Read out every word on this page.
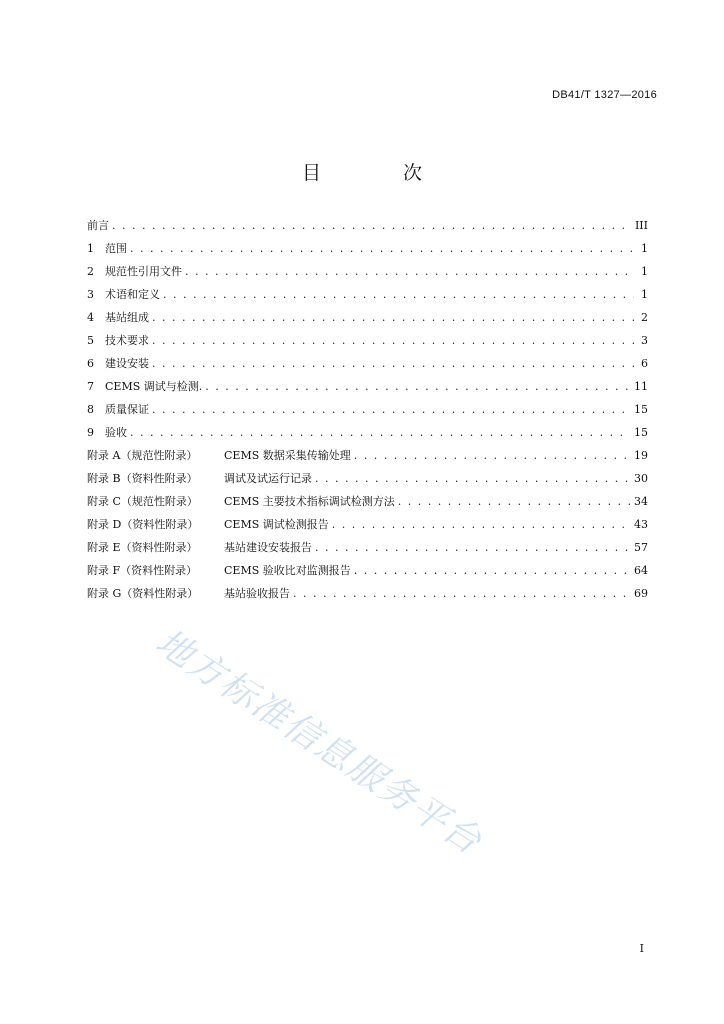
DB41/T 1327—2016
目 次
前言 . . .	III
1 范围 . . .	1
2 规范性引用文件 . . .	1
3 术语和定义 . . .	1
4 基站组成 . . .	2
5 技术要求 . . .	3
6 建设安装 . . .	6
7 CEMS 调试与检测. . . .	11
8 质量保证 . . .	15
9 验收 . . .	15
附录 A（规范性附录） CEMS 数据采集传输处理 . . .	19
附录 B（资料性附录） 调试及试运行记录 . . .	30
附录 C（规范性附录） CEMS 主要技术指标调试检测方法 . . .	34
附录 D（资料性附录） CEMS 调试检测报告 . . .	43
附录 E（资料性附录） 基站建设安装报告 . . .	57
附录 F（资料性附录） CEMS 验收比对监测报告 . . .	64
附录 G（资料性附录） 基站验收报告 . . .	69
地方标准信息服务平台
I
